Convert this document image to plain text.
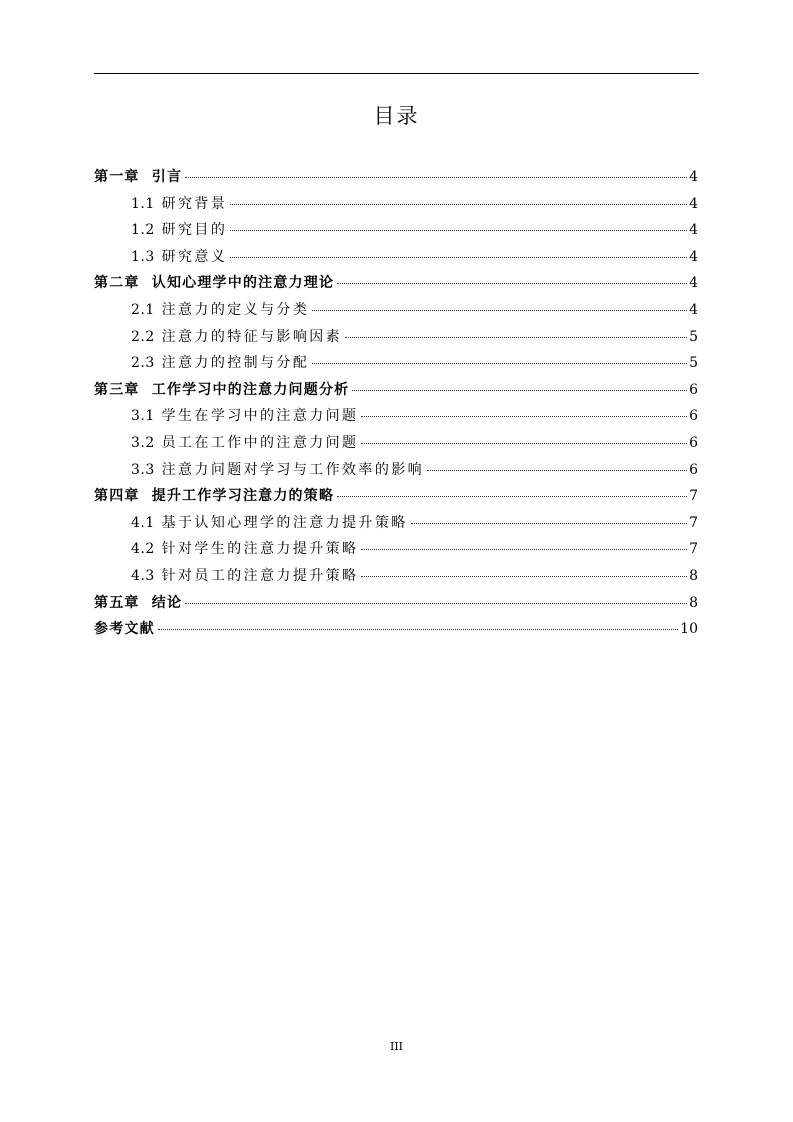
目录
第一章  引言	4
1.1 研究背景	4
1.2 研究目的	4
1.3 研究意义	4
第二章  认知心理学中的注意力理论	4
2.1 注意力的定义与分类	4
2.2 注意力的特征与影响因素	5
2.3 注意力的控制与分配	5
第三章  工作学习中的注意力问题分析	6
3.1 学生在学习中的注意力问题	6
3.2 员工在工作中的注意力问题	6
3.3 注意力问题对学习与工作效率的影响	6
第四章  提升工作学习注意力的策略	7
4.1 基于认知心理学的注意力提升策略	7
4.2 针对学生的注意力提升策略	7
4.3 针对员工的注意力提升策略	8
第五章  结论	8
参考文献	10
III
